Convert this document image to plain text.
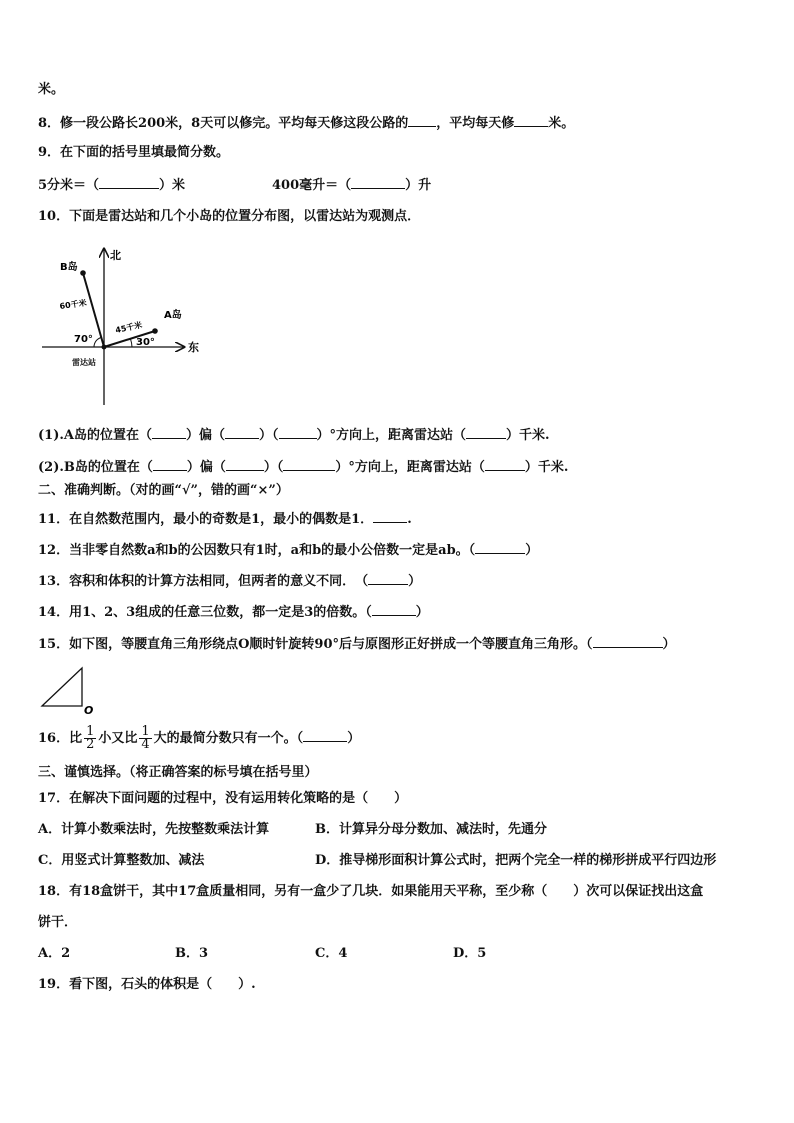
米。
8．修一段公路长200米，8天可以修完。平均每天修这段公路的 ，平均每天修	米。
9．在下面的括号里填最简分数。
5分米＝（	）米	400毫升＝（	）升
10．下面是雷达站和几个小岛的位置分布图，以雷达站为观测点．
北
东
B岛
A岛
60千米
45千米
70°	30°
雷达站
(1).A岛的位置在（	）偏（	）（	）°方向上，距离雷达站（	）千米.
(2).B岛的位置在（	）偏（	）（	）°方向上，距离雷达站（	）千米.
二、准确判断。（对的画“√”，错的画“×”）
11．在自然数范围内，最小的奇数是1，最小的偶数是1．	.
12．当非零自然数a和b的公因数只有1时，a和b的最小公倍数一定是ab。（	）
13．容积和体积的计算方法相同，但两者的意义不同．　（	）
14．用1、2、3组成的任意三位数，都一定是3的倍数。（	）
15．如下图，等腰直角三角形绕点O顺时针旋转90°后与原图形正好拼成一个等腰直角三角形。（	）
O
16．比 $\frac{1}{2}$ 小又比 $\frac{1}{4}$ 大的最简分数只有一个。（	）
三、谨慎选择。（将正确答案的标号填在括号里）
17．在解决下面问题的过程中，没有运用转化策略的是（　　）
A．计算小数乘法时，先按整数乘法计算	B．计算异分母分数加、减法时，先通分
C．用竖式计算整数加、减法	D．推导梯形面积计算公式时，把两个完全一样的梯形拼成平行四边形
18．有18盒饼干，其中17盒质量相同，另有一盒少了几块．如果能用天平称，至少称（　　）次可以保证找出这盒
饼干．
A．2	B．3	C．4	D．5
19．看下图，石头的体积是（　　）.
